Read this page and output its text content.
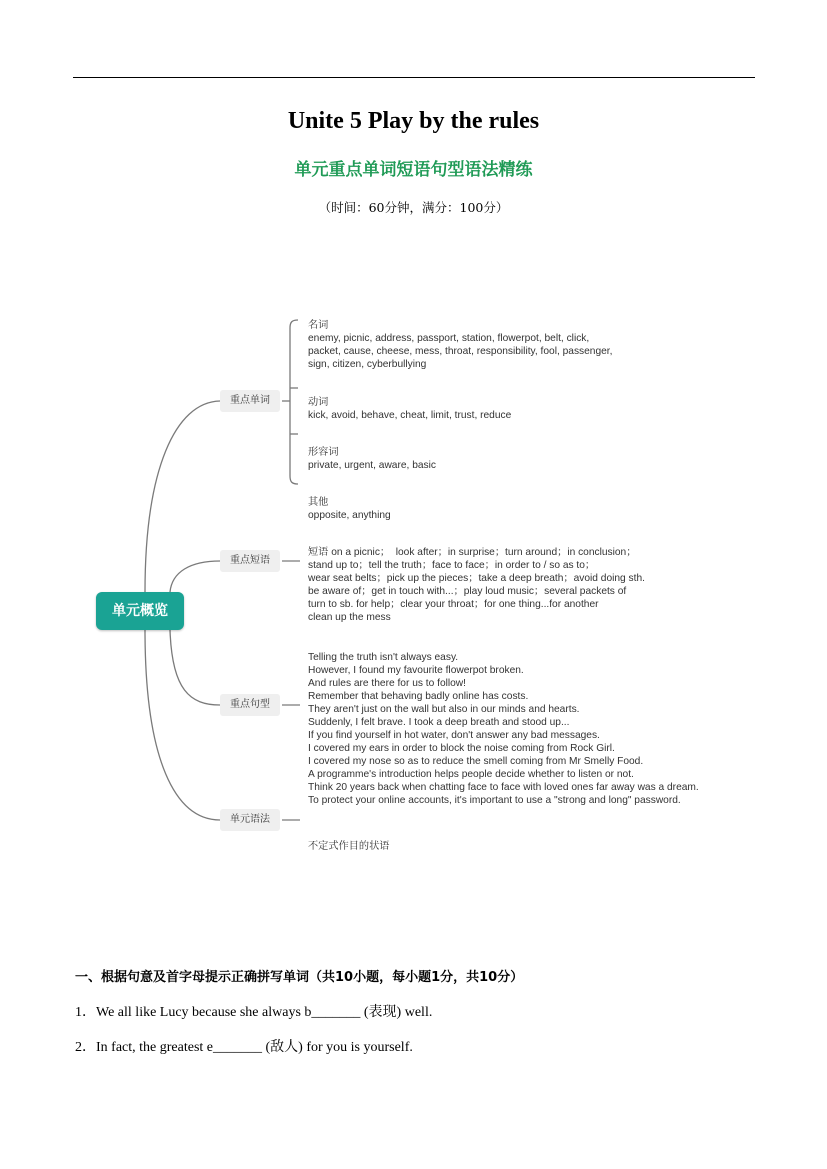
Unite 5 Play by the rules
单元重点单词短语句型语法精练
（时间：60分钟，满分：100分）
单元概览
重点单词
重点短语
重点句型
单元语法

名词
enemy, picnic, address, passport, station, flowerpot, belt, click,
packet, cause, cheese, mess, throat, responsibility, fool, passenger,
sign, citizen, cyberbullying

动词
kick, avoid, behave, cheat, limit, trust, reduce

形容词
private, urgent, aware, basic

其他
opposite, anything

短语 on a picnic；  look after；in surprise；turn around；in conclusion；
stand up to；tell the truth；face to face；in order to / so as to；
wear seat belts；pick up the pieces；take a deep breath；avoid doing sth.
be aware of；get in touch with...；play loud music；several packets of
turn to sb. for help；clear your throat；for one thing...for another
clean up the mess

Telling the truth isn't always easy.
However, I found my favourite flowerpot broken.
And rules are there for us to follow!
Remember that behaving badly online has costs.
They aren't just on the wall but also in our minds and hearts.
Suddenly, I felt brave. I took a deep breath and stood up...
If you find yourself in hot water, don't answer any bad messages.
I covered my ears in order to block the noise coming from Rock Girl.
I covered my nose so as to reduce the smell coming from Mr Smelly Food.
A programme's introduction helps people decide whether to listen or not.
Think 20 years back when chatting face to face with loved ones far away was a dream.
To protect your online accounts, it's important to use a "strong and long" password.

不定式作目的状语

一、根据句意及首字母提示正确拼写单词（共10小题，每小题1分，共10分）
1．We all like Lucy because she always b_______ (表现) well.
2．In fact, the greatest e_______ (敌人) for you is yourself.
